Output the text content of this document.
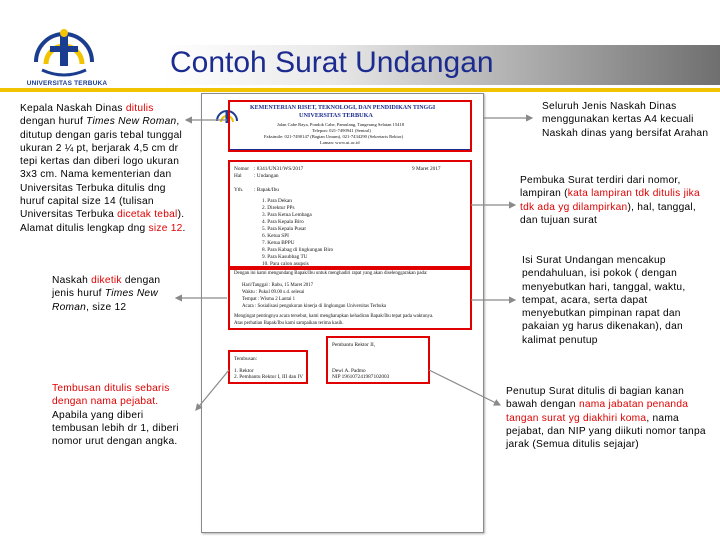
UNIVERSITAS TERBUKA
Contoh Surat Undangan
Kepala Naskah Dinas ditulis dengan huruf Times New Roman, ditutup dengan garis tebal tunggal ukuran 2 ¼ pt, berjarak 4,5 cm dr tepi kertas dan diberi logo ukuran 3x3 cm. Nama kementerian dan Universitas Terbuka ditulis dng huruf capital size 14 (tulisan Universitas Terbuka dicetak tebal). Alamat ditulis lengkap dng size 12.
Naskah diketik dengan jenis huruf Times New Roman, size 12
Tembusan ditulis sebaris dengan nama pejabat. Apabila yang diberi tembusan lebih dr 1, diberi nomor urut dengan angka.
Seluruh Jenis Naskah Dinas menggunakan kertas A4 kecuali Naskah dinas yang bersifat Arahan
Pembuka Surat terdiri dari nomor, lampiran (kata lampiran tdk ditulis jika tdk ada yg dilampirkan), hal, tanggal, dan tujuan surat
Isi Surat Undangan mencakup pendahuluan, isi pokok ( dengan menyebutkan hari, tanggal, waktu, tempat, acara, serta dapat menyebutkan pimpinan rapat dan pakaian yg harus dikenakan), dan kalimat penutup
Penutup Surat ditulis di bagian kanan bawah dengan nama jabatan penanda tangan surat yg diakhiri koma, nama pejabat, dan NIP yang diikuti nomor tanpa jarak (Semua ditulis sejajar)
KEMENTERIAN RISET, TEKNOLOGI, DAN PENDIDIKAN TINGGI
UNIVERSITAS TERBUKA
Jalan Cabe Raya, Pondok Cabe, Pamulang, Tangerang Selatan 15418
Telepon: 021-7490941 (Sentral)
Faksimile: 021-7490147 (Bagian Umum), 021-7434290 (Sekretaris Rektor)
Laman: www.ut.ac.id
Nomor : 8341/UN31/WS/2017	9 Maret 2017
Hal : Undangan
Yth. : Bapak/Ibu
1. Para Dekan
2. Direktur PPs
3. Para Ketua Lembaga
4. Para Kepala Biro
5. Para Kepala Pusat
6. Ketua SPI
7. Ketua BPPU
8. Para Kabag di lingkungan Biro
9. Para Kasubbag TU
10. Para calon asupsis
Dengan ini kami mengundang Bapak/Ibu untuk menghadiri rapat yang akan diselenggarakan pada:
Hari/Tanggal : Rabu, 15 Maret 2017
Waktu : Pukul 09.00 s.d. selesai
Tempat : Wisma 2 Lantai 1
Acara : Sosialisasi pengukuran kinerja di lingkungan Universitas Terbuka
Mengingat pentingnya acara tersebut, kami mengharapkan kehadiran Bapak/Ibu tepat pada waktunya.
Atas perhatian Bapak/Ibu kami sampaikan terima kasih.
Pembantu Rektor II,
Dewi A. Padmo
NIP 196107241987102003
Tembusan:
1. Rektor
2. Pembantu Rektor I, III dan IV
